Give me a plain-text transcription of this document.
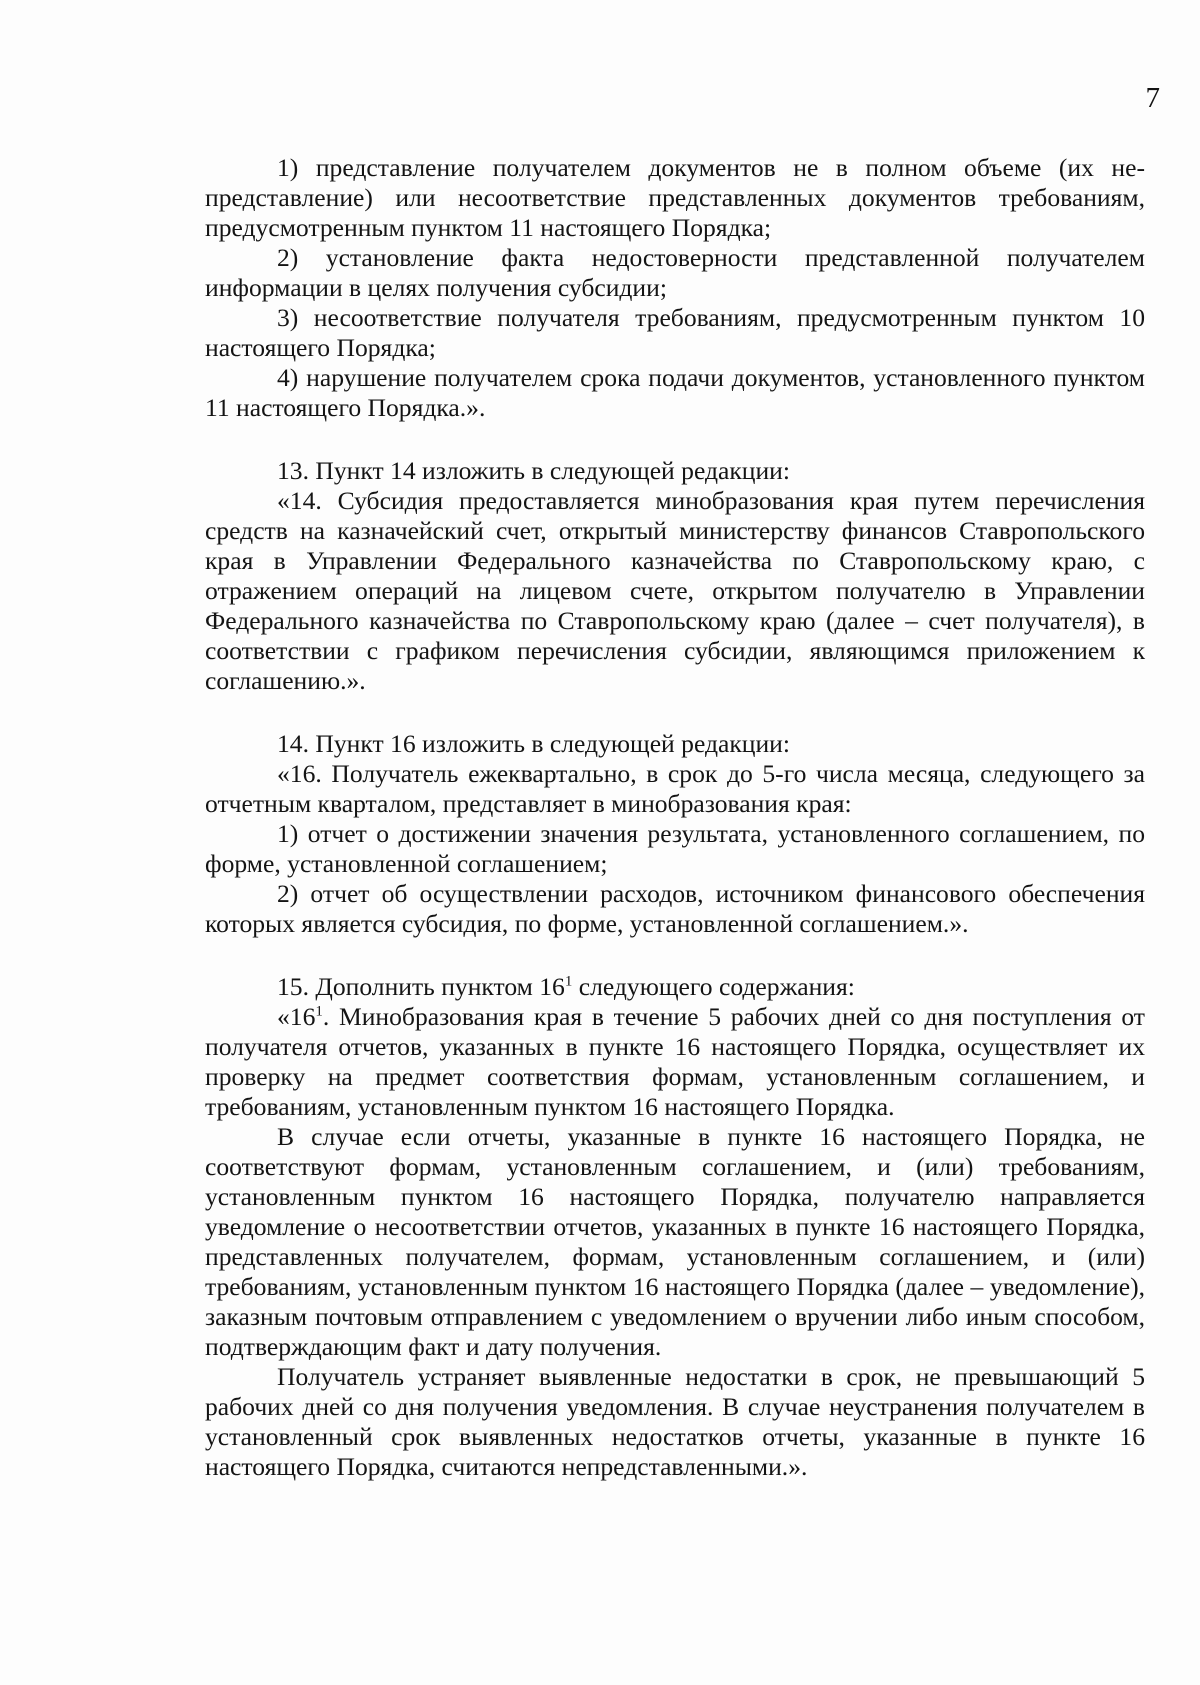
7

1) представление получателем документов не в полном объеме (их непредставление) или несоответствие представленных документов требованиям, предусмотренным пунктом 11 настоящего Порядка;

2) установление факта недостоверности представленной получателем информации в целях получения субсидии;

3) несоответствие получателя требованиям, предусмотренным пунктом 10 настоящего Порядка;

4) нарушение получателем срока подачи документов, установленного пунктом 11 настоящего Порядка.».

13. Пункт 14 изложить в следующей редакции:

«14. Субсидия предоставляется минобразования края путем перечисления средств на казначейский счет, открытый министерству финансов Ставропольского края в Управлении Федерального казначейства по Ставропольскому краю, с отражением операций на лицевом счете, открытом получателю в Управлении Федерального казначейства по Ставропольскому краю (далее – счет получателя), в соответствии с графиком перечисления субсидии, являющимся приложением к соглашению.».

14. Пункт 16 изложить в следующей редакции:

«16. Получатель ежеквартально, в срок до 5-го числа месяца, следующего за отчетным кварталом, представляет в минобразования края:

1) отчет о достижении значения результата, установленного соглашением, по форме, установленной соглашением;

2) отчет об осуществлении расходов, источником финансового обеспечения которых является субсидия, по форме, установленной соглашением.».

15. Дополнить пунктом $16^1$ следующего содержания:

«$16^1$. Минобразования края в течение 5 рабочих дней со дня поступления от получателя отчетов, указанных в пункте 16 настоящего Порядка, осуществляет их проверку на предмет соответствия формам, установленным соглашением, и требованиям, установленным пунктом 16 настоящего Порядка.

В случае если отчеты, указанные в пункте 16 настоящего Порядка, не соответствуют формам, установленным соглашением, и (или) требованиям, установленным пунктом 16 настоящего Порядка, получателю направляется уведомление о несоответствии отчетов, указанных в пункте 16 настоящего Порядка, представленных получателем, формам, установленным соглашением, и (или) требованиям, установленным пунктом 16 настоящего Порядка (далее – уведомление), заказным почтовым отправлением с уведомлением о вручении либо иным способом, подтверждающим факт и дату получения.

Получатель устраняет выявленные недостатки в срок, не превышающий 5 рабочих дней со дня получения уведомления. В случае неустранения получателем в установленный срок выявленных недостатков отчеты, указанные в пункте 16 настоящего Порядка, считаются непредставленными.».
